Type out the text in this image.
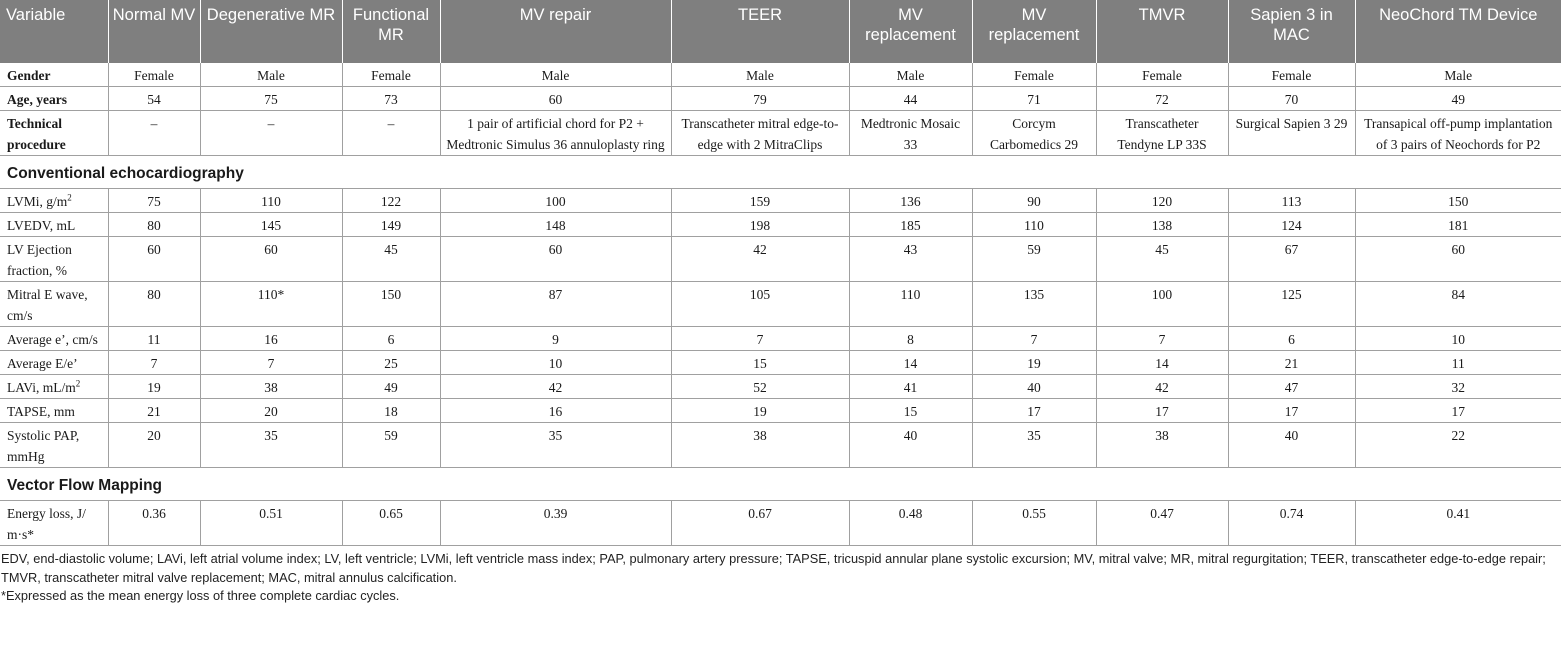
Variable	Normal MV	Degenerative MR	Functional MR	MV repair	TEER	MV replacement	MV replacement	TMVR	Sapien 3 in MAC	NeoChord TM Device
Gender	Female	Male	Female	Male	Male	Male	Female	Female	Female	Male
Age, years	54	75	73	60	79	44	71	72	70	49
Technical procedure	–	–	–	1 pair of artificial chord for P2 + Medtronic Simulus 36 annuloplasty ring	Transcatheter mitral edge-to-edge with 2 MitraClips	Medtronic Mosaic 33	Corcym Carbomedics 29	Transcatheter Tendyne LP 33S	Surgical Sapien 3 29	Transapical off-pump implantation of 3 pairs of Neochords for P2
Conventional echocardiography										
LVMi, $g/m^2$	75	110	122	100	159	136	90	120	113	150
LVEDV, mL	80	145	149	148	198	185	110	138	124	181
LV Ejection fraction, %	60	60	45	60	42	43	59	45	67	60
Mitral E wave, cm/s	80	110*	150	87	105	110	135	100	125	84
Average e’, cm/s	11	16	6	9	7	8	7	7	6	10
Average E/e’	7	7	25	10	15	14	19	14	21	11
LAVi, $mL/m^2$	19	38	49	42	52	41	40	42	47	32
TAPSE, mm	21	20	18	16	19	15	17	17	17	17
Systolic PAP, mmHg	20	35	59	35	38	40	35	38	40	22
Vector Flow Mapping										
Energy loss, J/ m·s*	0.36	0.51	0.65	0.39	0.67	0.48	0.55	0.47	0.74	0.41

EDV, end-diastolic volume; LAVi, left atrial volume index; LV, left ventricle; LVMi, left ventricle mass index; PAP, pulmonary artery pressure; TAPSE, tricuspid annular plane systolic excursion; MV, mitral valve; MR, mitral regurgitation; TEER, transcatheter edge-to-edge repair; TMVR, transcatheter mitral valve replacement; MAC, mitral annulus calcification.

*Expressed as the mean energy loss of three complete cardiac cycles.
